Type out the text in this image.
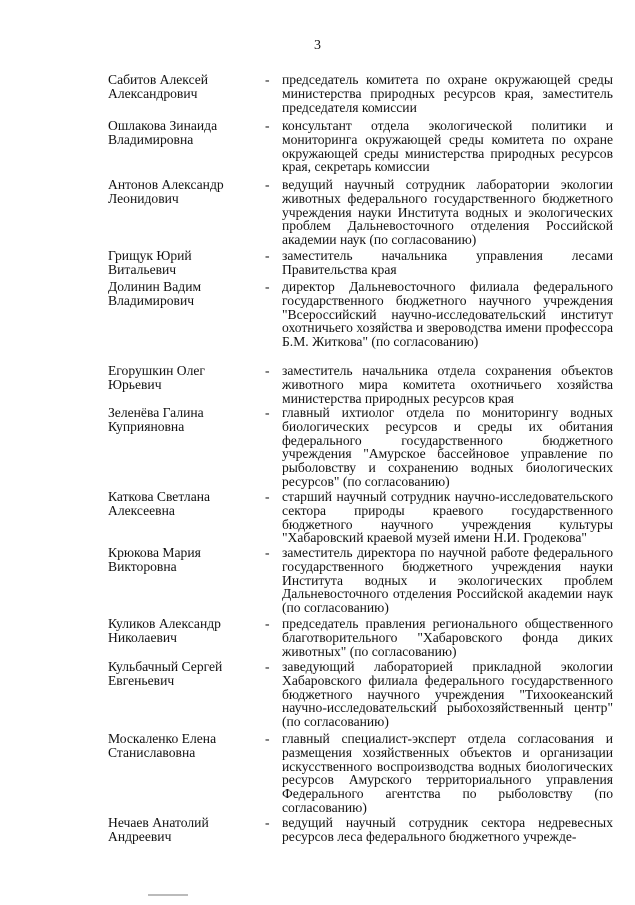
3
Сабитов Алексей
Александрович
- председатель комитета по охране окружающей среды министерства природных ресурсов края, заместитель председателя комиссии
Ошлакова Зинаида
Владимировна
- консультант отдела экологической политики и мониторинга окружающей среды комитета по охране окружающей среды министерства природных ресурсов края, секретарь комиссии
Антонов Александр
Леонидович
- ведущий научный сотрудник лаборатории экологии животных федерального государственного бюджетного учреждения науки Института водных и экологических проблем Дальневосточного отделения Российской академии наук (по согласованию)
Грищук Юрий
Витальевич
- заместитель начальника управления лесами Правительства края
Долинин Вадим
Владимирович
- директор Дальневосточного филиала федерального государственного бюджетного научного учреждения "Всероссийский научно-исследовательский институт охотничьего хозяйства и звероводства имени профессора Б.М. Житкова" (по согласованию)
Егорушкин Олег
Юрьевич
- заместитель начальника отдела сохранения объектов животного мира комитета охотничьего хозяйства министерства природных ресурсов края
Зеленёва Галина
Куприяновна
- главный ихтиолог отдела по мониторингу водных биологических ресурсов и среды их обитания федерального государственного бюджетного учреждения "Амурское бассейновое управление по рыболовству и сохранению водных биологических ресурсов" (по согласованию)
Каткова Светлана
Алексеевна
- старший научный сотрудник научно-исследовательского сектора природы краевого государственного бюджетного научного учреждения культуры "Хабаровский краевой музей имени Н.И. Гродекова"
Крюкова Мария
Викторовна
- заместитель директора по научной работе федерального государственного бюджетного учреждения науки Института водных и экологических проблем Дальневосточного отделения Российской академии наук (по согласованию)
Куликов Александр
Николаевич
- председатель правления регионального общественного благотворительного "Хабаровского фонда диких животных" (по согласованию)
Кульбачный Сергей
Евгеньевич
- заведующий лабораторией прикладной экологии Хабаровского филиала федерального государственного бюджетного научного учреждения "Тихоокеанский научно-исследовательский рыбохозяйственный центр" (по согласованию)
Москаленко Елена
Станиславовна
- главный специалист-эксперт отдела согласования и размещения хозяйственных объектов и организации искусственного воспроизводства водных биологических ресурсов Амурского территориального управления Федерального агентства по рыболовству (по согласованию)
Нечаев Анатолий
Андреевич
- ведущий научный сотрудник сектора недревесных ресурсов леса федерального бюджетного учрежде-
